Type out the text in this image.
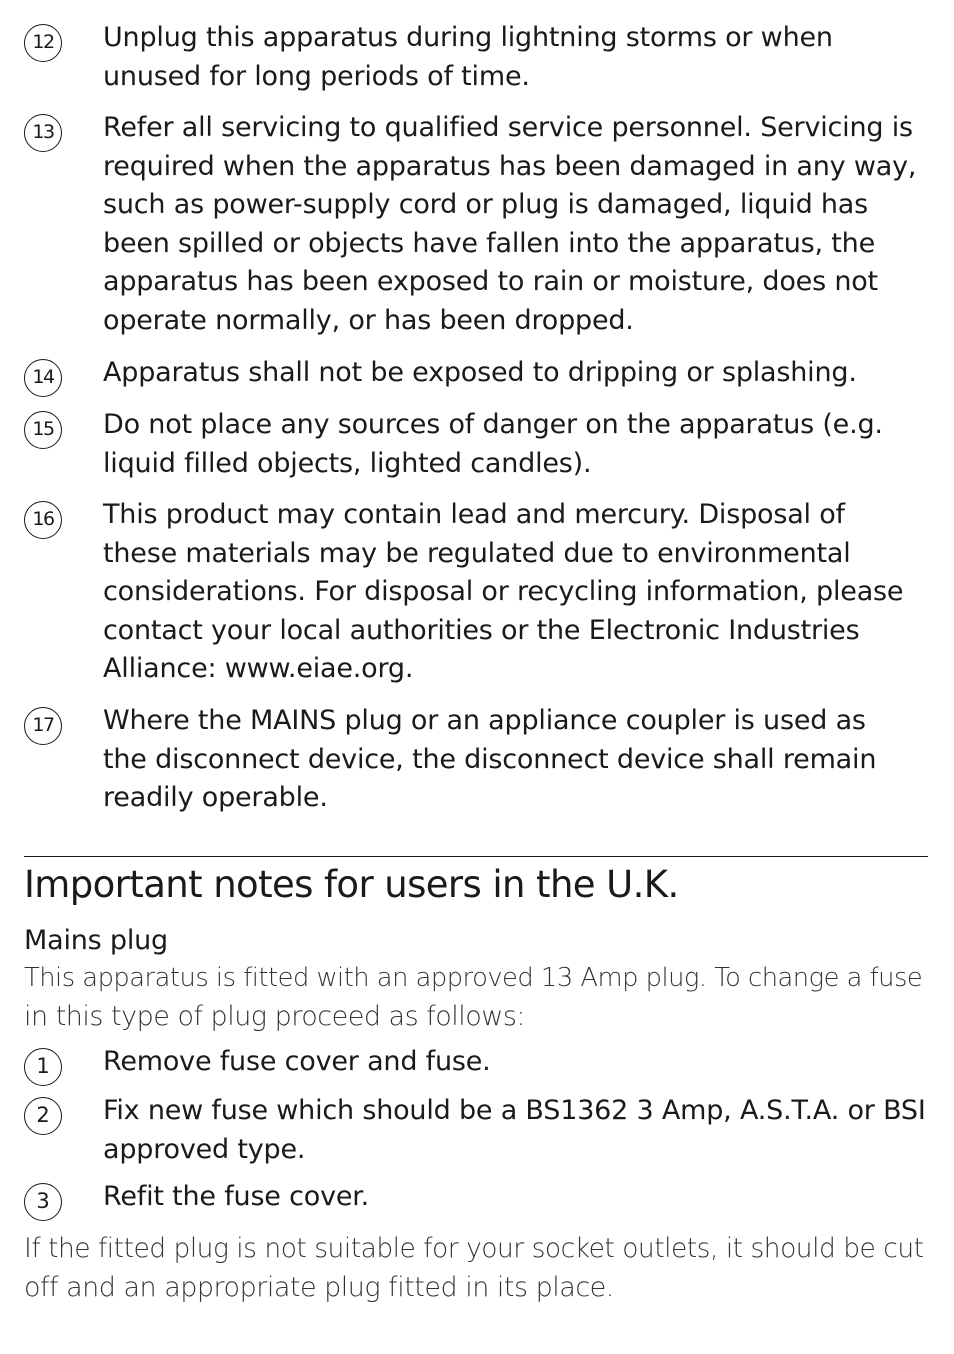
12	Unplug this apparatus during lightning storms or when
unused for long periods of time.
13	Refer all servicing to qualified service personnel. Servicing is
required when the apparatus has been damaged in any way,
such as power-supply cord or plug is damaged, liquid has
been spilled or objects have fallen into the apparatus, the
apparatus has been exposed to rain or moisture, does not
operate normally, or has been dropped.
14	Apparatus shall not be exposed to dripping or splashing.
15	Do not place any sources of danger on the apparatus (e.g.
liquid filled objects, lighted candles).
16	This product may contain lead and mercury. Disposal of
these materials may be regulated due to environmental
considerations. For disposal or recycling information, please
contact your local authorities or the Electronic Industries
Alliance: www.eiae.org.
17	Where the MAINS plug or an appliance coupler is used as
the disconnect device, the disconnect device shall remain
readily operable.
Important notes for users in the U.K.
Mains plug
This apparatus is fitted with an approved 13 Amp plug. To change a fuse
in this type of plug proceed as follows:
1	Remove fuse cover and fuse.
2	Fix new fuse which should be a BS1362 3 Amp, A.S.T.A. or BSI
approved type.
3	Refit the fuse cover.
If the fitted plug is not suitable for your socket outlets, it should be cut
off and an appropriate plug fitted in its place.
